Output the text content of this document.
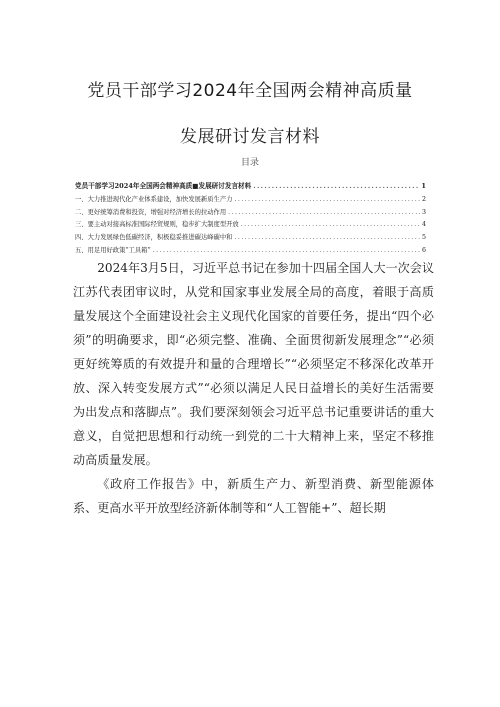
党员干部学习2024年全国两会精神高质量
发展研讨发言材料
目录
党员干部学习2024年全国两会精神高质■发展研讨发言材料 .....	1
一、大力推进现代化产业体系建设，加快发展新质生产力 .....	2
二、更好统筹消费和投资，增强对经济增长的拉动作用 .....	3
三、要主动对接高标准国际经贸规则，稳步扩大制度型开放 .....	4
四、大力发展绿色低碳经济，积极稳妥推进碳达峰碳中和 .....	5
五、用足用好政策“工具箱” .....	6

2024年3月5日，习近平总书记在参加十四届全国人大一次会议江苏代表团审议时，从党和国家事业发展全局的高度，着眼于高质量发展这个全面建设社会主义现代化国家的首要任务，提出“四个必须”的明确要求，即“必须完整、准确、全面贯彻新发展理念”“必须更好统筹质的有效提升和量的合理增长”“必须坚定不移深化改革开放、深入转变发展方式”“必须以满足人民日益增长的美好生活需要为出发点和落脚点”。我们要深刻领会习近平总书记重要讲话的重大意义，自觉把思想和行动统一到党的二十大精神上来，坚定不移推动高质量发展。

《政府工作报告》中，新质生产力、新型消费、新型能源体系、更高水平开放型经济新体制等和“人工智能+”、超长期
